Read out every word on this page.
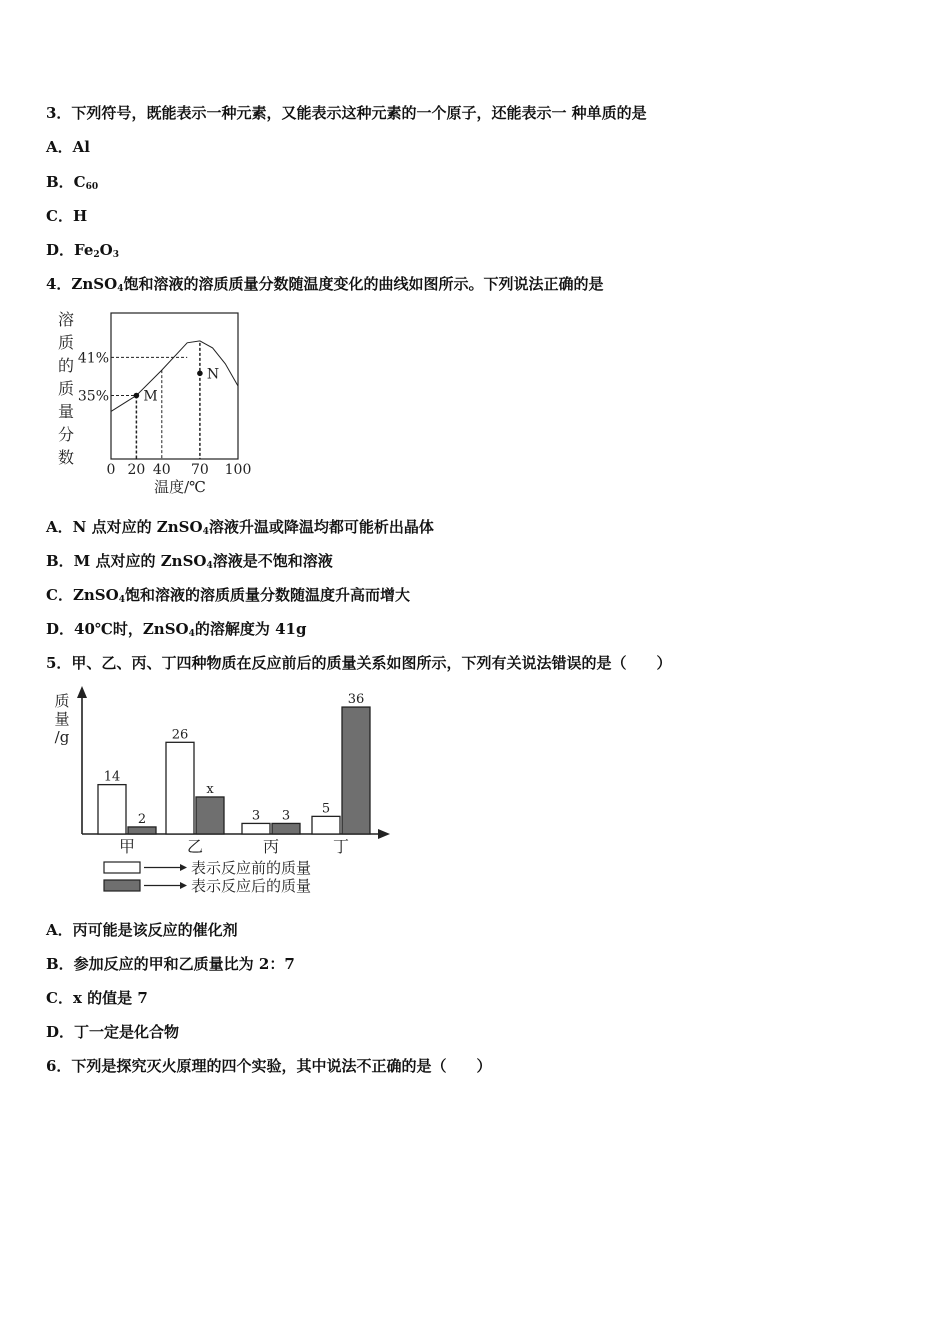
3．下列符号，既能表示一种元素，又能表示这种元素的一个原子，还能表示一 种单质的是
A．Al
B．$C_{60}$
C．H
D．$Fe_2O_3$
4．ZnSO$_4$饱和溶液的溶质质量分数随温度变化的曲线如图所示。下列说法正确的是
溶
质
的
质
量
分
数
0 20 40 70 100
35%
41%
M
N
温度/℃
A．N 点对应的 ZnSO$_4$溶液升温或降温均都可能析出晶体
B．M 点对应的 ZnSO$_4$溶液是不饱和溶液
C．ZnSO$_4$饱和溶液的溶质质量分数随温度升高而增大
D．40℃时，ZnSO$_4$的溶解度为 41g
5．甲、乙、丙、丁四种物质在反应前后的质量关系如图所示，下列有关说法错误的是（　　）
质
量
/g
14
2
甲
26
x
乙
3 3
丙
5
36
丁
表示反应前的质量
表示反应后的质量
A．丙可能是该反应的催化剂
B．参加反应的甲和乙质量比为 2：7
C．x 的值是 7
D．丁一定是化合物
6．下列是探究灭火原理的四个实验，其中说法不正确的是（　　）
